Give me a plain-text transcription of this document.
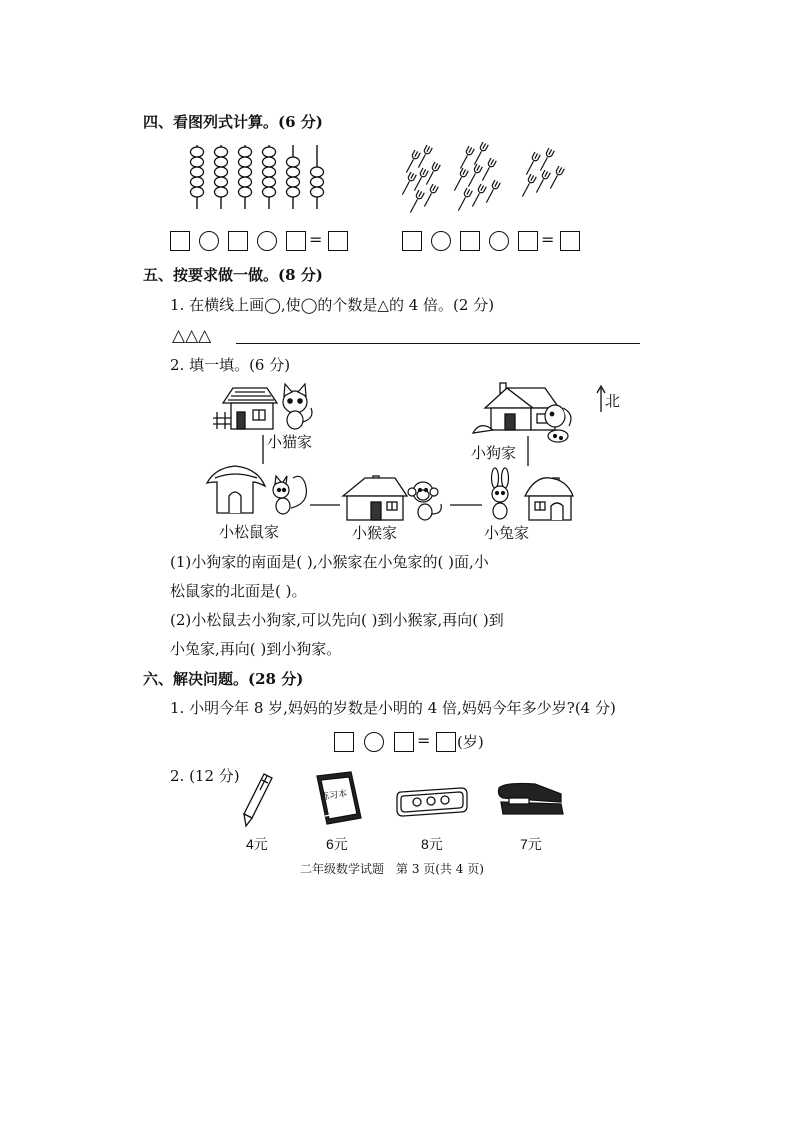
四、看图列式计算。(6 分)
=	=
五、按要求做一做。(8 分)
1. 在横线上画◯,使◯的个数是△的 4 倍。(2 分)
△△△
2. 填一填。(6 分)
小猫家
小狗家
小松鼠家	小猴家	小兔家
北
(1)小狗家的南面是( ),小猴家在小兔家的( )面,小
松鼠家的北面是( )。
(2)小松鼠去小狗家,可以先向( )到小猴家,再向( )到
小兔家,再向( )到小狗家。
六、解决问题。(28 分)
1. 小明今年 8 岁,妈妈的岁数是小明的 4 倍,妈妈今年多少岁?(4 分)
= (岁)
2. (12 分)
练习本
4元	6元	8元	7元
二年级数学试题　第 3 页(共 4 页)
